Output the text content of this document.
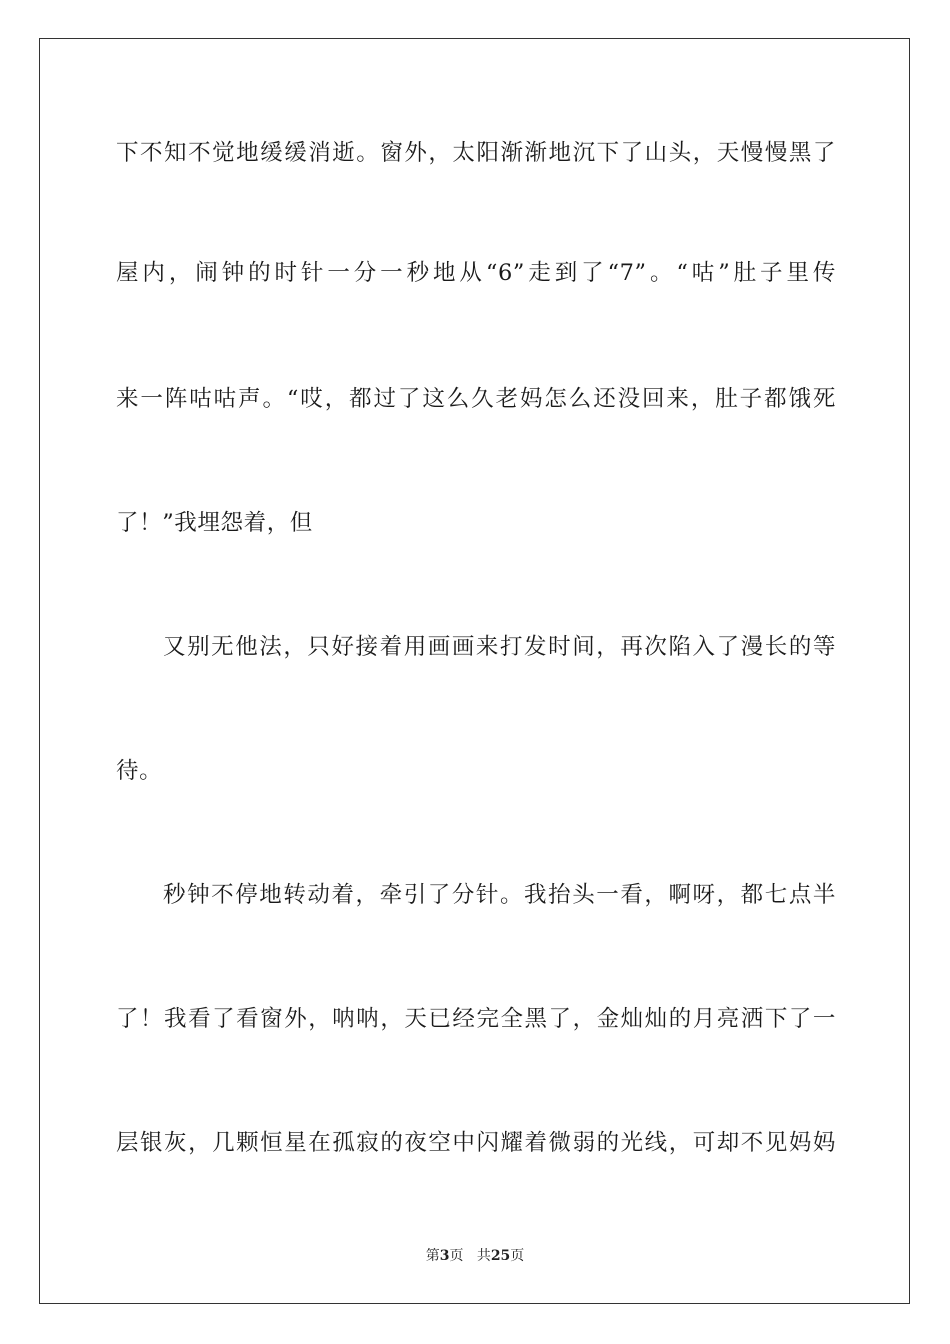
下不知不觉地缓缓消逝。窗外，太阳渐渐地沉下了山头，天慢慢黑了
屋内，闹钟的时针一分一秒地从“6”走到了“7”。“咕”肚子里传
来一阵咕咕声。“哎，都过了这么久老妈怎么还没回来，肚子都饿死
了！”我埋怨着，但
又别无他法，只好接着用画画来打发时间，再次陷入了漫长的等
待。
秒钟不停地转动着，牵引了分针。我抬头一看，啊呀，都七点半
了！我看了看窗外，呐呐，天已经完全黑了，金灿灿的月亮洒下了一
层银灰，几颗恒星在孤寂的夜空中闪耀着微弱的光线，可却不见妈妈
第3页 共25页
